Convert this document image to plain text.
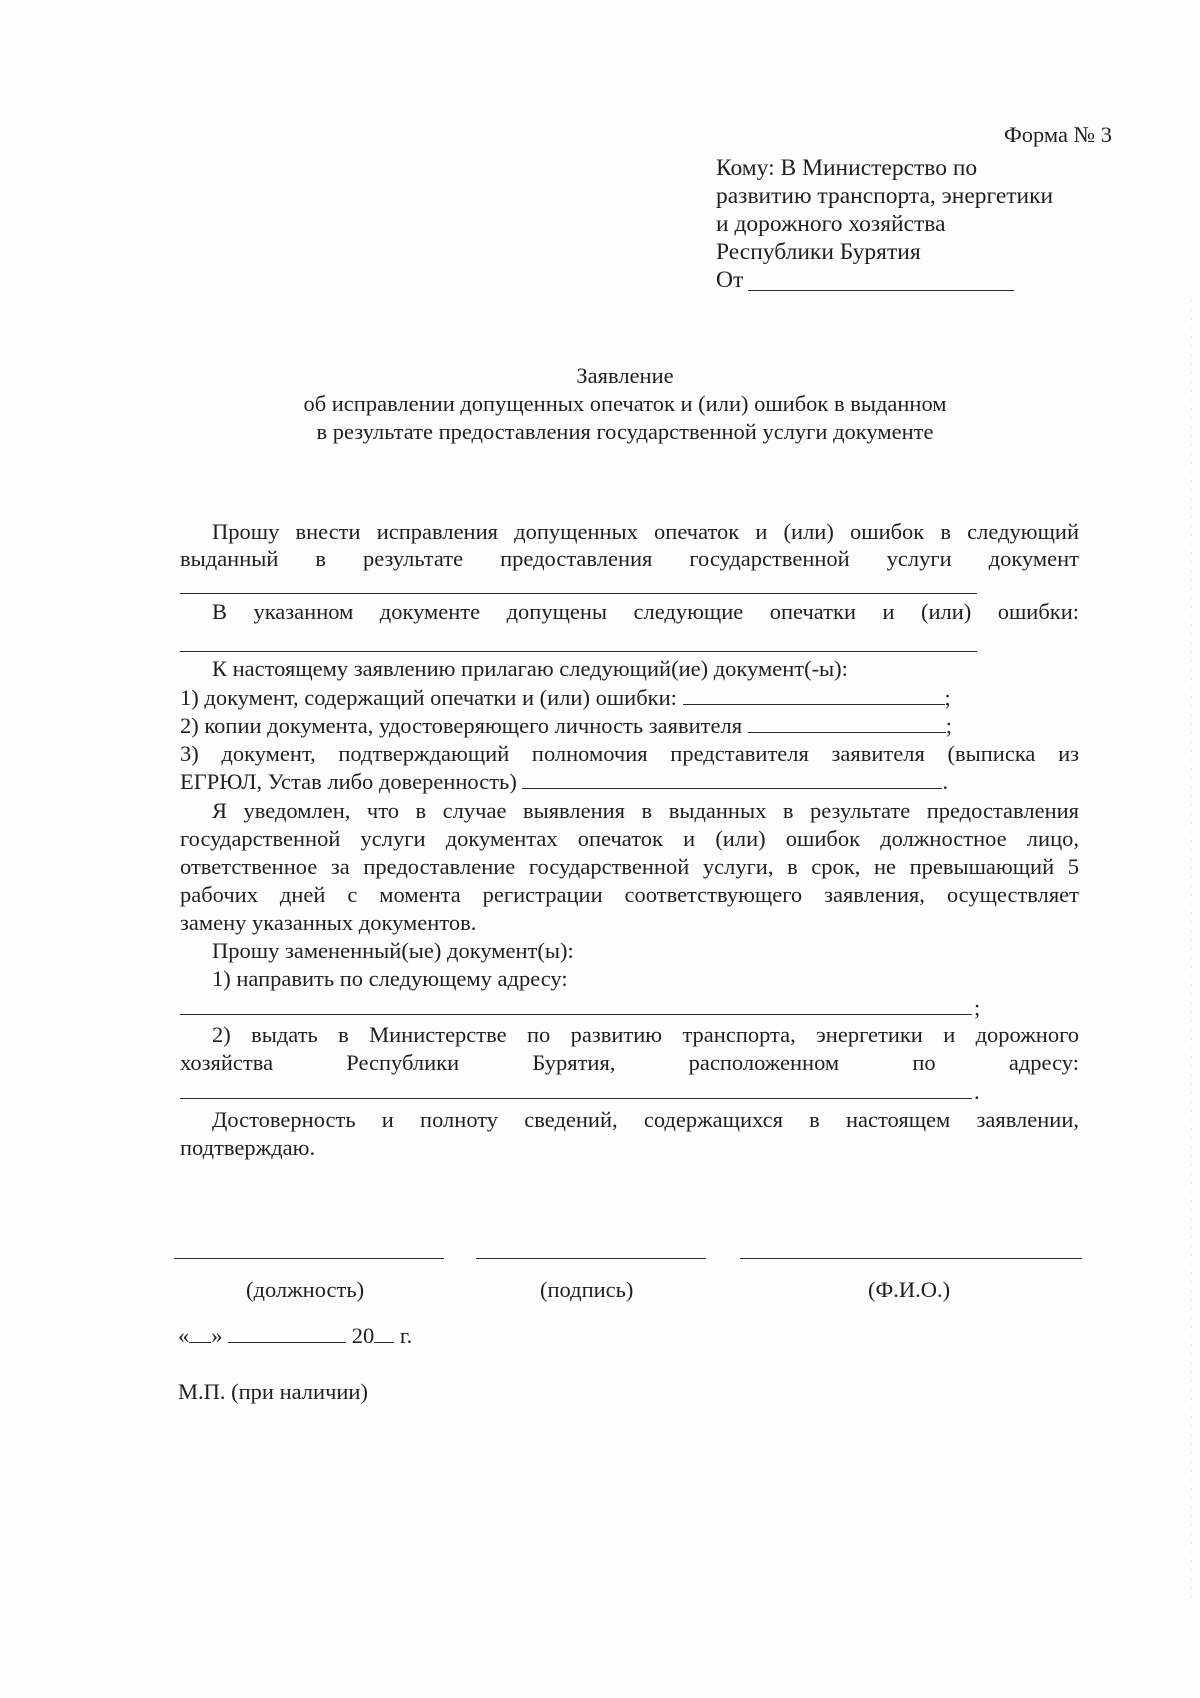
Форма № 3
Кому: В Министерство по
развитию транспорта, энергетики
и дорожного хозяйства
Республики Бурятия
От
Заявление
об исправлении допущенных опечаток и (или) ошибок в выданном
в результате предоставления государственной услуги документе
Прошу внести исправления допущенных опечаток и (или) ошибок в следующий
выданный в результате предоставления государственной услуги документ
В указанном документе допущены следующие опечатки и (или) ошибки:
К настоящему заявлению прилагаю следующий(ие) документ(-ы):
1) документ, содержащий опечатки и (или) ошибки:	;
2) копии документа, удостоверяющего личность заявителя	;
3) документ, подтверждающий полномочия представителя заявителя (выписка из
ЕГРЮЛ, Устав либо доверенность)	.
Я уведомлен, что в случае выявления в выданных в результате предоставления
государственной услуги документах опечаток и (или) ошибок должностное лицо,
ответственное за предоставление государственной услуги, в срок, не превышающий 5
рабочих дней с момента регистрации соответствующего заявления, осуществляет
замену указанных документов.
Прошу замененный(ые) документ(ы):
1) направить по следующему адресу:
;
2) выдать в Министерстве по развитию транспорта, энергетики и дорожного
хозяйства Республики Бурятия, расположенном по адресу:
.
Достоверность и полноту сведений, содержащихся в настоящем заявлении,
подтверждаю.
(должность)	(подпись)	(Ф.И.О.)
« »	20 г.
М.П. (при наличии)
